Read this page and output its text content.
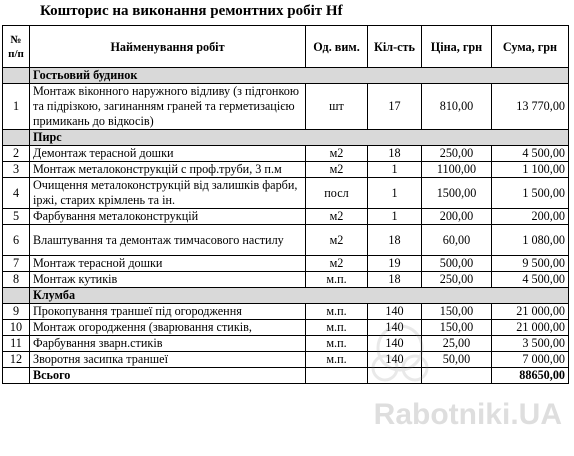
Кошторис на виконання ремонтних робіт Hf
№ п/п	Найменування робіт	Од. вим.	Кіл-сть	Ціна, грн	Сума, грн
	Гостьовий будинок				
1	Монтаж віконного наружного відливу (з підгонкою та підрізкою, загинанням граней та герметизацією примикань до відкосів)	шт	17	810,00	13 770,00
	Пирс				
2	Демонтаж терасной дошки	м2	18	250,00	4 500,00
3	Монтаж металоконструкцій с проф.труби, 3 п.м	м2	1	1100,00	1 100,00
4	Очищення металоконструкцій від залишків фарби, іржі, старих крімлень та ін.	посл	1	1500,00	1 500,00
5	Фарбування металоконструкцій	м2	1	200,00	200,00
6	Влаштування та демонтаж тимчасового настилу	м2	18	60,00	1 080,00
7	Монтаж терасной дошки	м2	19	500,00	9 500,00
8	Монтаж кутиків	м.п.	18	250,00	4 500,00
	Клумба				
9	Прокопування траншеї під огородження	м.п.	140	150,00	21 000,00
10	Монтаж огородження (зварювання стиків,	м.п.	140	150,00	21 000,00
11	Фарбування зварн.стиків	м.п.	140	25,00	3 500,00
12	Зворотня засипка траншеї	м.п.	140	50,00	7 000,00
	Всього				88650,00
Rabotniki.UA
